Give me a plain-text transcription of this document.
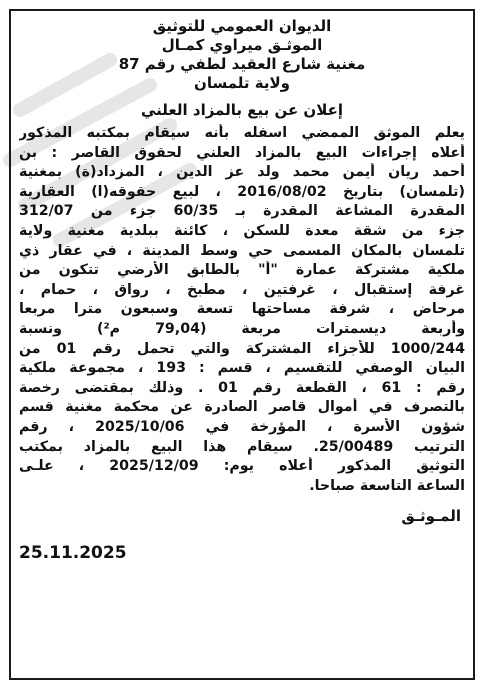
الديوان العمومي للتوثيق
الموثـق ميراوي كمـال
مغنية شارع العقيد لطفي رقم 87
ولاية تلمسان
إعلان عن بيع بالمزاد العلني
يعلم الموثق الممضي اسفله بأنه سيقام بمكتبه المذكور
أعلاه إجراءات البيع بالمزاد العلني لحقوق القاصر : بن
أحمد ريان أيمن محمد ولد عز الدين ، المزداد(ة) بمغنية
(تلمسان) بتاريخ 2016/08/02 ، لبيع حقوقه(ا) العقارية
المقدرة المشاعة المقدرة بـ 60/35 جزء من 312/07
جزء من شقة معدة للسكن ، كائنة ببلدية مغنية ولاية
تلمسان بالمكان المسمى حي وسط المدينة ، في عقار ذي
ملكية مشتركة عمارة "أ" بالطابق الأرضي تتكون من
غرفة إستقبال ، غرفتين ، مطبخ ، رواق ، حمام ،
مرحاض ، شرفة مساحتها تسعة وسبعون مترا مربعا
وأربعة ديسمترات مربعة (79,04 م²) ونسبة
1000/244 للأجزاء المشتركة والتي تحمل رقم 01 من
البيان الوصفي للتقسيم ، قسم : 193 ، مجموعة ملكية
رقم : 61 ، القطعة رقم 01 . وذلك بمقتضى رخصة
بالتصرف في أموال قاصر الصادرة عن محكمة مغنية قسم
شؤون الأسرة ، المؤرخة في 2025/10/06 ، رقم
الترتيب 25/00489. سيقام هذا البيع بالمزاد بمكتب
التوثيق المذكور أعلاه يوم: 2025/12/09 ، علـى
الساعة التاسعة صباحا.
المـوثـق
25.11.2025
